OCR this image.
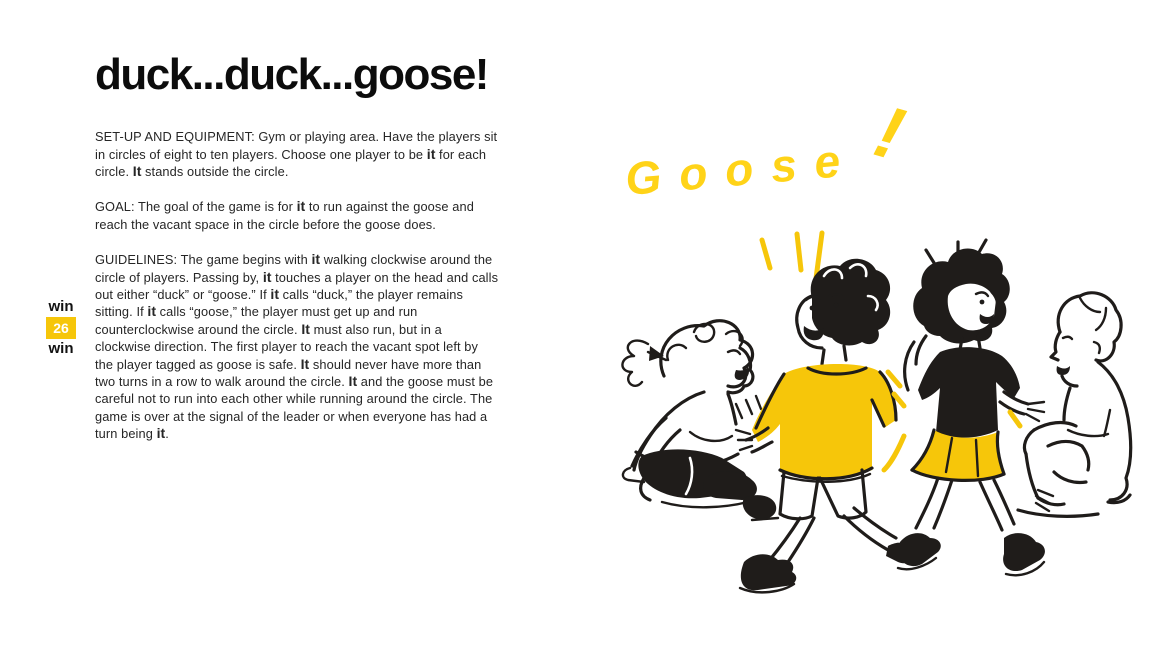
duck...duck...goose!

SET-UP AND EQUIPMENT: Gym or playing area. Have the players sit in circles of eight to ten players. Choose one player to be it for each circle. It stands outside the circle.

GOAL: The goal of the game is for it to run against the goose and reach the vacant space in the circle before the goose does.

GUIDELINES: The game begins with it walking clockwise around the circle of players. Passing by, it touches a player on the head and calls out either “duck” or “goose.” If it calls “duck,” the player remains sitting. If it calls “goose,” the player must get up and run counterclockwise around the circle. It must also run, but in a clockwise direction. The first player to reach the vacant spot left by the player tagged as goose is safe. It should never have more than two turns in a row to walk around the circle. It and the goose must be careful not to run into each other while running around the circle. The game is over at the signal of the leader or when everyone has had a turn being it.

win
26
win
Goose !
